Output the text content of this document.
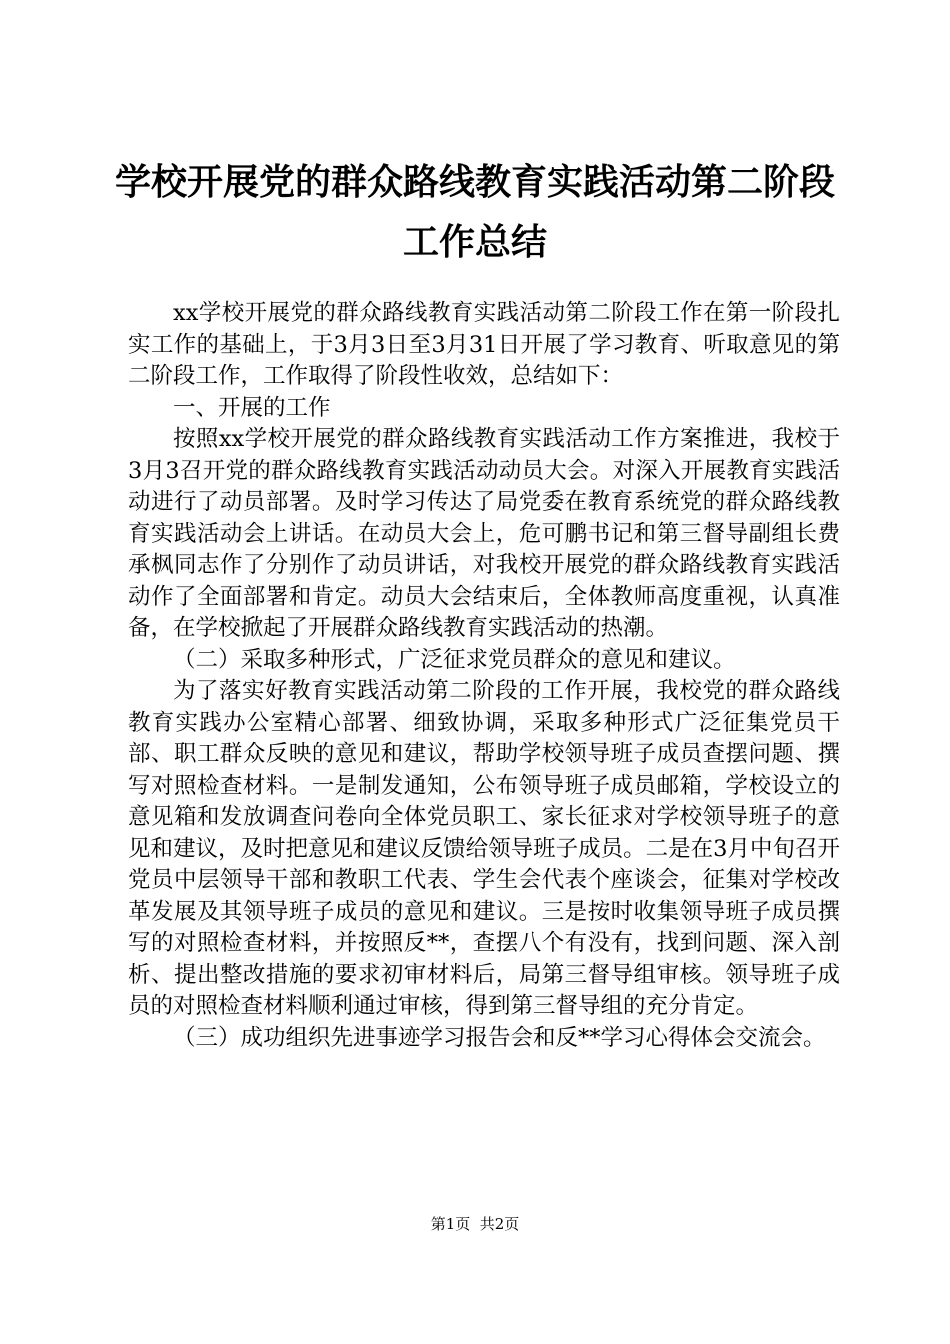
学校开展党的群众路线教育实践活动第二阶段
工作总结

xx学校开展党的群众路线教育实践活动第二阶段工作在第一阶段扎实工作的基础上，于3月3日至3月31日开展了学习教育、听取意见的第二阶段工作，工作取得了阶段性收效，总结如下：

一、开展的工作

按照xx学校开展党的群众路线教育实践活动工作方案推进，我校于3月3召开党的群众路线教育实践活动动员大会。对深入开展教育实践活动进行了动员部署。及时学习传达了局党委在教育系统党的群众路线教育实践活动会上讲话。在动员大会上，危可鹏书记和第三督导副组长费承枫同志作了分别作了动员讲话，对我校开展党的群众路线教育实践活动作了全面部署和肯定。动员大会结束后，全体教师高度重视，认真准备，在学校掀起了开展群众路线教育实践活动的热潮。

（二）采取多种形式，广泛征求党员群众的意见和建议。

为了落实好教育实践活动第二阶段的工作开展，我校党的群众路线教育实践办公室精心部署、细致协调，采取多种形式广泛征集党员干部、职工群众反映的意见和建议，帮助学校领导班子成员查摆问题、撰写对照检查材料。一是制发通知，公布领导班子成员邮箱，学校设立的意见箱和发放调查问卷向全体党员职工、家长征求对学校领导班子的意见和建议，及时把意见和建议反馈给领导班子成员。二是在3月中旬召开党员中层领导干部和教职工代表、学生会代表个座谈会，征集对学校改革发展及其领导班子成员的意见和建议。三是按时收集领导班子成员撰写的对照检查材料，并按照反**，查摆八个有没有，找到问题、深入剖析、提出整改措施的要求初审材料后，局第三督导组审核。领导班子成员的对照检查材料顺利通过审核，得到第三督导组的充分肯定。

（三）成功组织先进事迹学习报告会和反**学习心得体会交流会。

第1页  共2页
